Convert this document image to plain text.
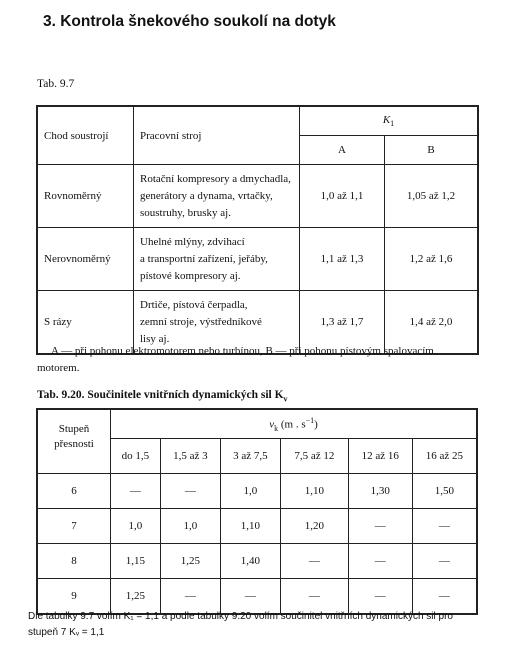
3. Kontrola šnekového soukolí na dotyk
Tab. 9.7
Chod soustrojí	Pracovní stroj	$K_1$
		A	B
Rovnoměrný	Rotační kompresory a dmychadla,
generátory a dynama, vrtačky,
soustruhy, brusky aj.	1,0 až 1,1	1,05 až 1,2
Nerovnoměrný	Uhelné mlýny, zdvihací
a transportní zařízení, jeřáby,
pístové kompresory aj.	1,1 až 1,3	1,2 až 1,6
S rázy	Drtiče, pístová čerpadla,
zemní stroje, výstředníkové
lisy aj.	1,3 až 1,7	1,4 až 2,0

A — při pohonu elektromotorem nebo turbínou, B — při pohonu pístovým spalovacím
motorem.

Tab. 9.20. Součinitele vnitřních dynamických sil $K_v$
Stupeň
přesnosti	$v_k$ (m . $s^{-1}$)					
	do 1,5	1,5 až 3	3 až 7,5	7,5 až 12	12 až 16	16 až 25
6	—	—	1,0	1,10	1,30	1,50
7	1,0	1,0	1,10	1,20	—	—
8	1,15	1,25	1,40	—	—	—
9	1,25	—	—	—	—	—

Dle tabulky 9.7 volím K₁ = 1,1 a podle tabulky 9.20 volím součinitel vnitřních dynamických sil pro
stupeň 7 Kᵥ = 1,1
